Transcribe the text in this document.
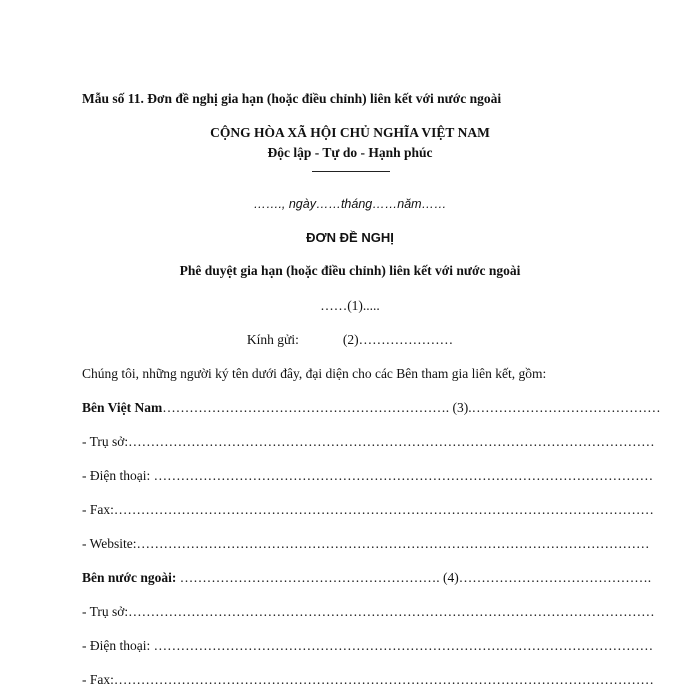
Mẫu số 11. Đơn đề nghị gia hạn (hoặc điều chỉnh) liên kết với nước ngoài
CỘNG HÒA XÃ HỘI CHỦ NGHĨA VIỆT NAM
Độc lập - Tự do - Hạnh phúc
……., ngày……tháng……năm……
ĐƠN ĐỀ NGHỊ
Phê duyệt gia hạn (hoặc điều chỉnh) liên kết với nước ngoài
……(1).....
Kính gửi:	(2)…………………
Chúng tôi, những người ký tên dưới đây, đại diện cho các Bên tham gia liên kết, gồm:
Bên Việt Nam………………………………………………………. (3).……………………………………
- Trụ sở:………………………………………………………………………………………………………
- Điện thoại: …………………………………………………………………………………………………
- Fax:…………………………………………………………………………………………………………
- Website:……………………………………………………………………………………………………
Bên nước ngoài: …………………………………………………. (4)…………………………………….
- Trụ sở:………………………………………………………………………………………………………
- Điện thoại: …………………………………………………………………………………………………
- Fax:…………………………………………………………………………………………………………
